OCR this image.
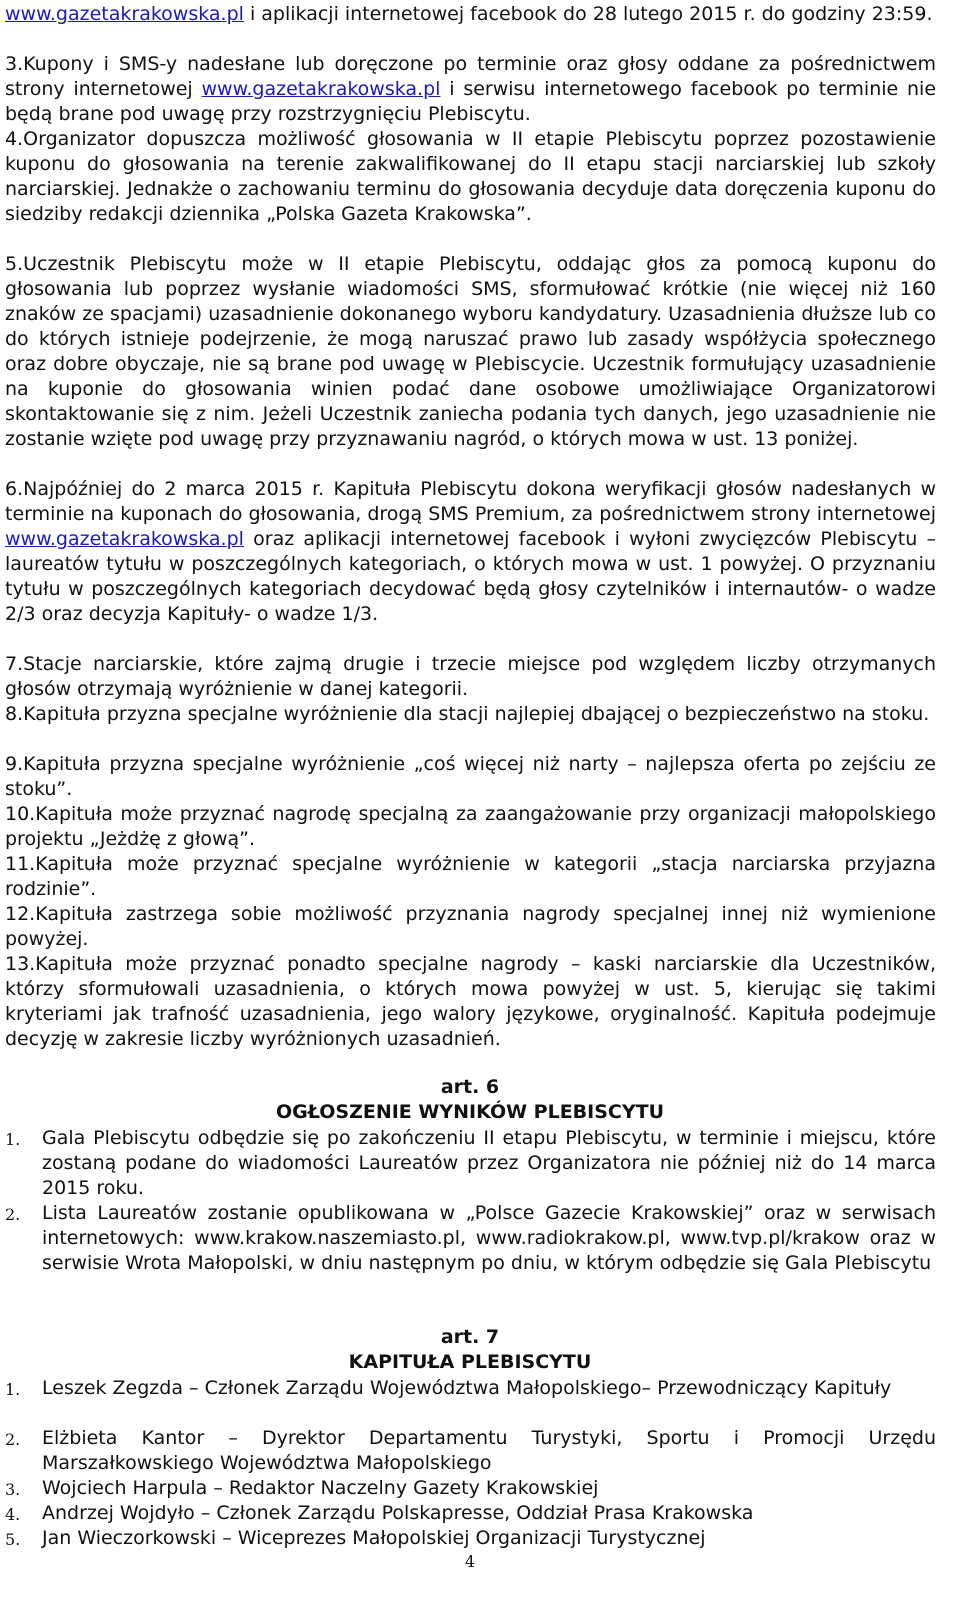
www.gazetakrakowska.pl i aplikacji internetowej facebook do 28 lutego 2015 r. do godziny 23:59.
3.Kupony i SMS-y nadesłane lub doręczone po terminie oraz głosy oddane za pośrednictwem strony internetowej www.gazetakrakowska.pl i serwisu internetowego facebook po terminie nie będą brane pod uwagę przy rozstrzygnięciu Plebiscytu.
4.Organizator dopuszcza możliwość głosowania w II etapie Plebiscytu poprzez pozostawienie kuponu do głosowania na terenie zakwalifikowanej do II etapu stacji narciarskiej lub szkoły narciarskiej. Jednakże o zachowaniu terminu do głosowania decyduje data doręczenia kuponu do siedziby redakcji dziennika „Polska Gazeta Krakowska”.
5.Uczestnik Plebiscytu może w II etapie Plebiscytu, oddając głos za pomocą kuponu do głosowania lub poprzez wysłanie wiadomości SMS, sformułować krótkie (nie więcej niż 160 znaków ze spacjami) uzasadnienie dokonanego wyboru kandydatury. Uzasadnienia dłuższe lub co do których istnieje podejrzenie, że mogą naruszać prawo lub zasady współżycia społecznego oraz dobre obyczaje, nie są brane pod uwagę w Plebiscycie. Uczestnik formułujący uzasadnienie na kuponie do głosowania winien podać dane osobowe umożliwiające Organizatorowi skontaktowanie się z nim. Jeżeli Uczestnik zaniecha podania tych danych, jego uzasadnienie nie zostanie wzięte pod uwagę przy przyznawaniu nagród, o których mowa w ust. 13 poniżej.
6.Najpóźniej do 2 marca 2015 r. Kapituła Plebiscytu dokona weryfikacji głosów nadesłanych w terminie na kuponach do głosowania, drogą SMS Premium, za pośrednictwem strony internetowej www.gazetakrakowska.pl oraz aplikacji internetowej facebook i wyłoni zwycięzców Plebiscytu – laureatów tytułu w poszczególnych kategoriach, o których mowa w ust. 1 powyżej. O przyznaniu tytułu w poszczególnych kategoriach decydować będą głosy czytelników i internautów- o wadze 2/3 oraz decyzja Kapituły- o wadze 1/3.
7.Stacje narciarskie, które zajmą drugie i trzecie miejsce pod względem liczby otrzymanych głosów otrzymają wyróżnienie w danej kategorii.
8.Kapituła przyzna specjalne wyróżnienie dla stacji najlepiej dbającej o bezpieczeństwo na stoku.
9.Kapituła przyzna specjalne wyróżnienie „coś więcej niż narty – najlepsza oferta po zejściu ze stoku”.
10.Kapituła może przyznać nagrodę specjalną za zaangażowanie przy organizacji małopolskiego projektu „Jeżdżę z głową”.
11.Kapituła może przyznać specjalne wyróżnienie w kategorii „stacja narciarska przyjazna rodzinie”.
12.Kapituła zastrzega sobie możliwość przyznania nagrody specjalnej innej niż wymienione powyżej.
13.Kapituła może przyznać ponadto specjalne nagrody – kaski narciarskie dla Uczestników, którzy sformułowali uzasadnienia, o których mowa powyżej w ust. 5, kierując się takimi kryteriami jak trafność uzasadnienia, jego walory językowe, oryginalność. Kapituła podejmuje decyzję w zakresie liczby wyróżnionych uzasadnień.
art. 6
OGŁOSZENIE WYNIKÓW PLEBISCYTU
1. Gala Plebiscytu odbędzie się po zakończeniu II etapu Plebiscytu, w terminie i miejscu, które zostaną podane do wiadomości Laureatów przez Organizatora nie później niż do 14 marca 2015 roku.
2. Lista Laureatów zostanie opublikowana w „Polsce Gazecie Krakowskiej” oraz w serwisach internetowych: www.krakow.naszemiasto.pl, www.radiokrakow.pl, www.tvp.pl/krakow oraz w serwisie Wrota Małopolski, w dniu następnym po dniu, w którym odbędzie się Gala Plebiscytu
art. 7
KAPITUŁA PLEBISCYTU
1. Leszek Zegzda – Członek Zarządu Województwa Małopolskiego– Przewodniczący Kapituły
2. Elżbieta Kantor – Dyrektor Departamentu Turystyki, Sportu i Promocji Urzędu Marszałkowskiego Województwa Małopolskiego
3. Wojciech Harpula – Redaktor Naczelny Gazety Krakowskiej
4. Andrzej Wojdyło – Członek Zarządu Polskapresse, Oddział Prasa Krakowska
5. Jan Wieczorkowski – Wiceprezes Małopolskiej Organizacji Turystycznej
4
